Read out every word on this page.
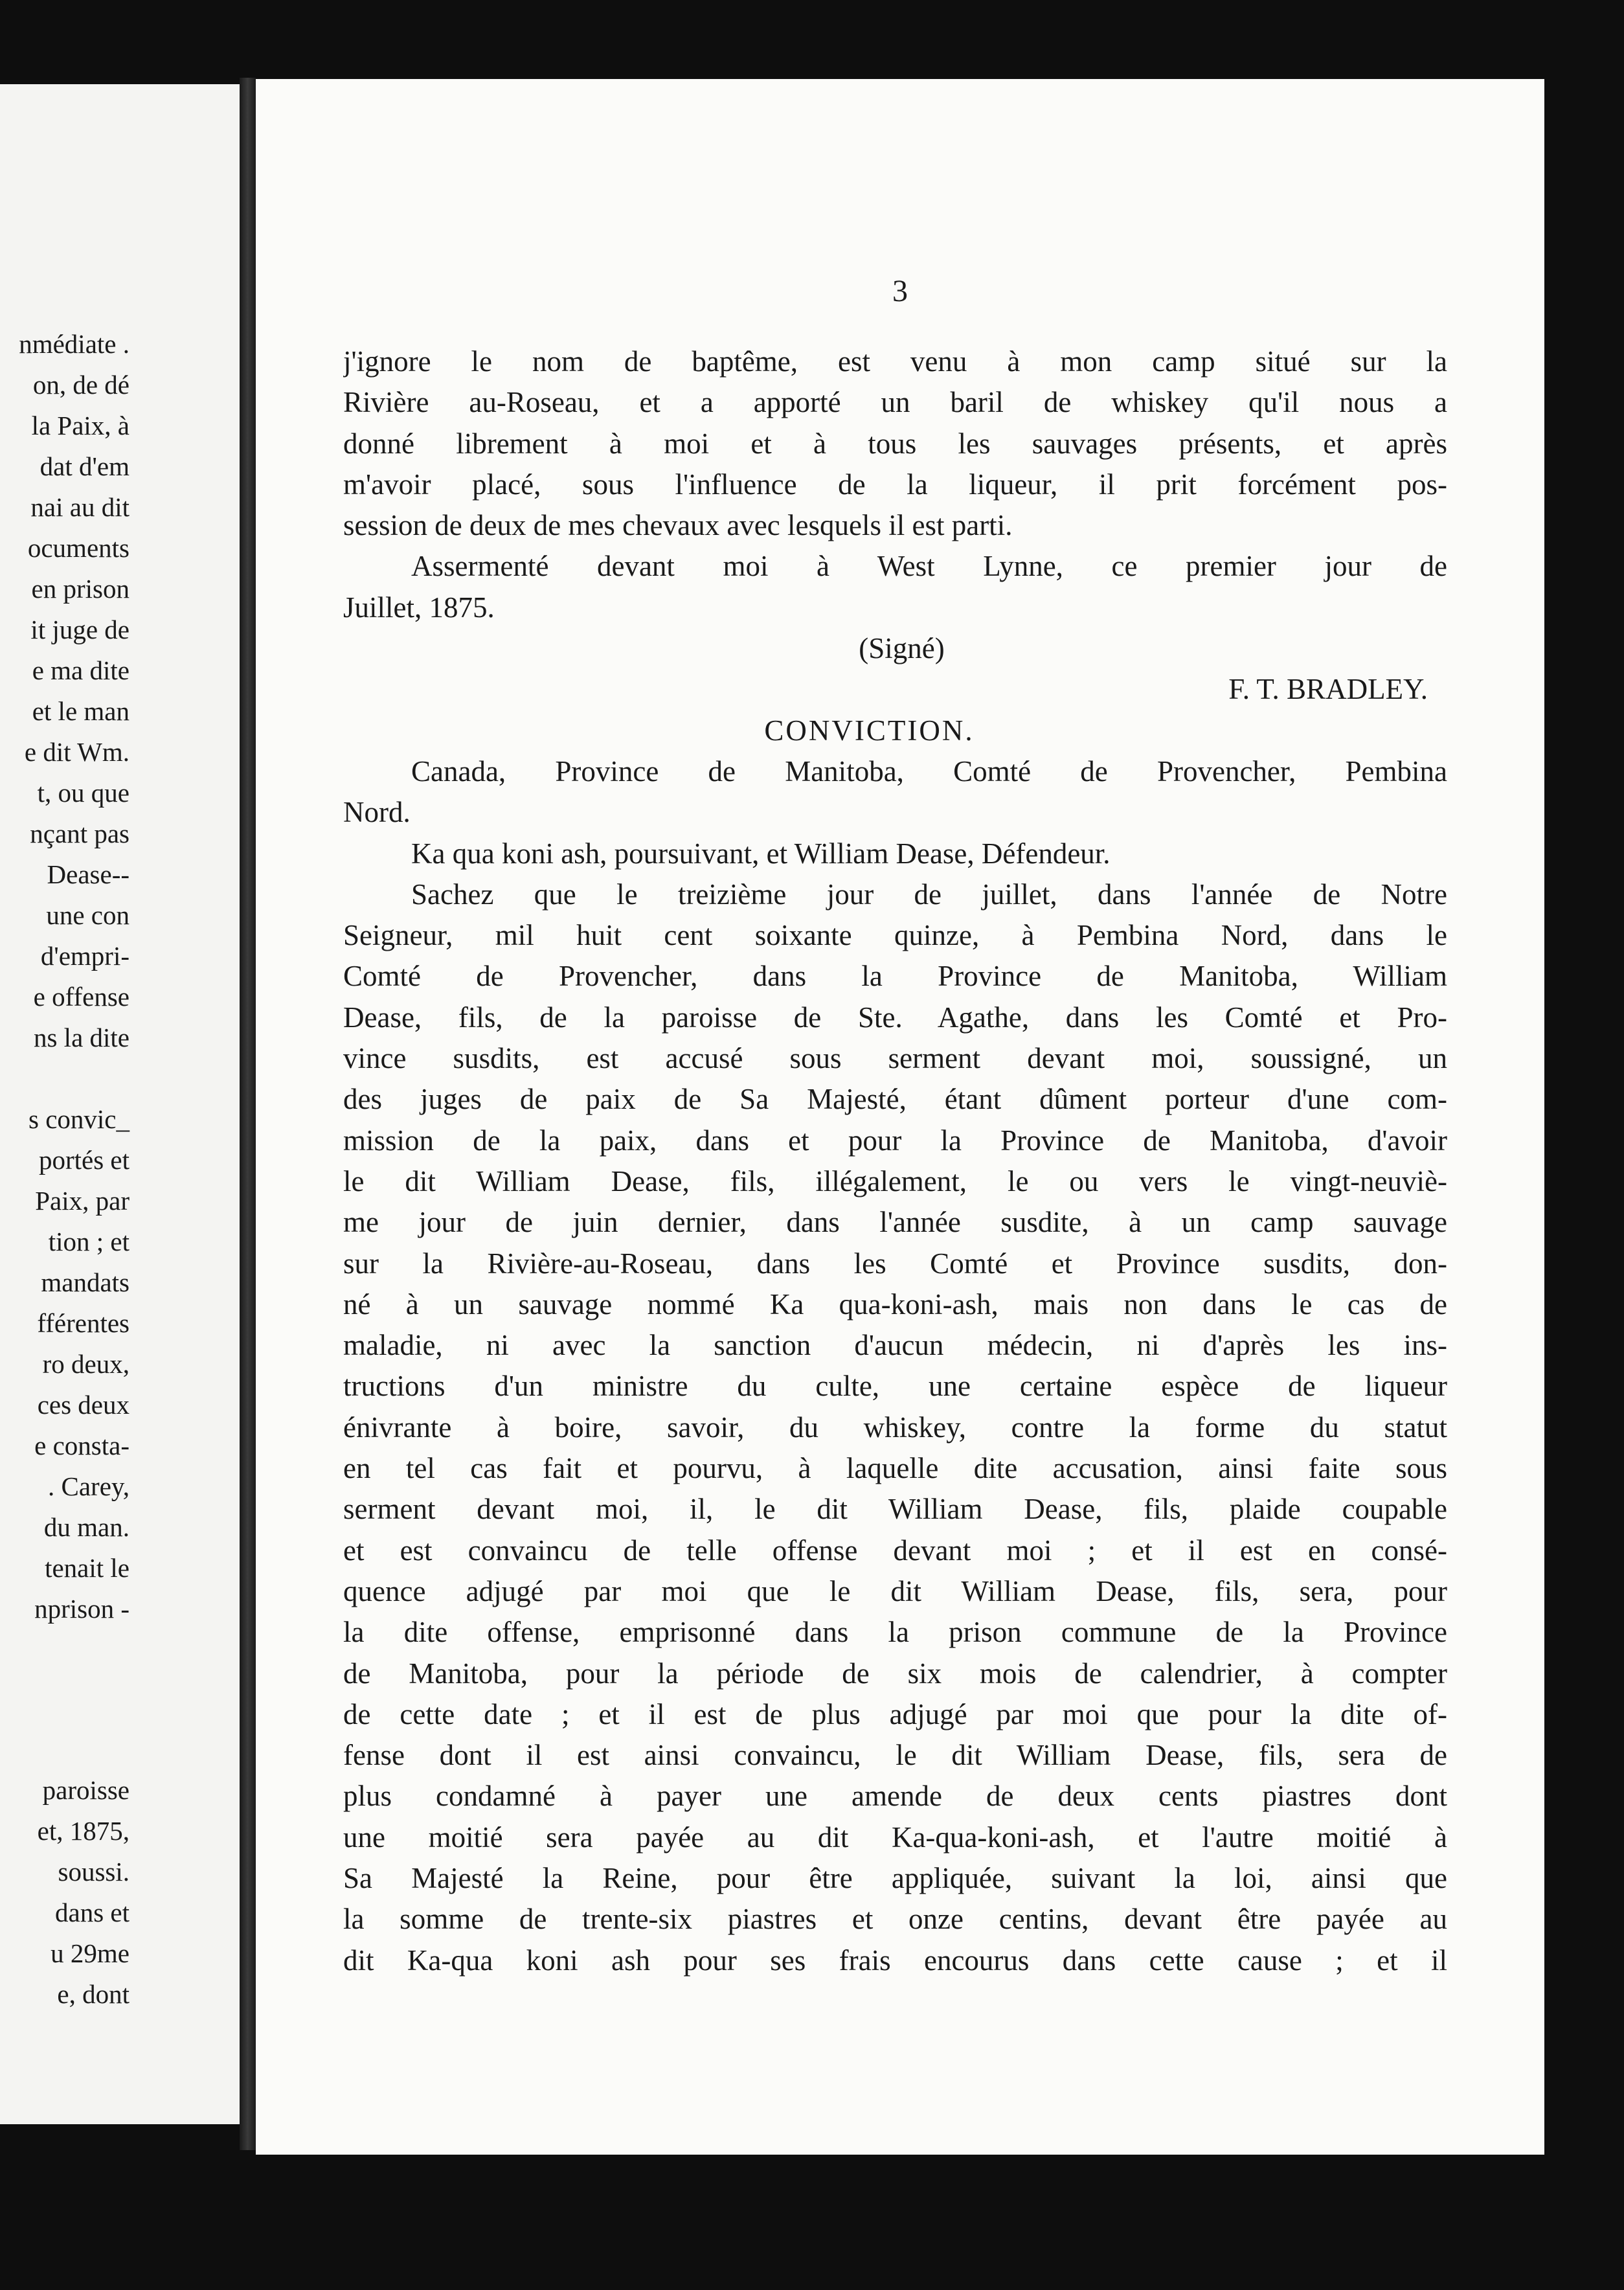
nmédiate .
on, de dé
la Paix, à
dat d'em
nai au dit
ocuments
en prison
it juge de
e ma dite
et le man
e dit Wm.
t, ou que
nçant pas
Dease--
une con
d'empri-
e offense
ns la dite
s convic_
portés et
Paix, par
tion ; et
mandats
fférentes
ro deux,
ces deux
e consta-
. Carey,
du man.
tenait le
nprison -
paroisse
et, 1875,
soussi.
dans et
u 29me
e, dont
3
j'ignore le nom de baptême, est venu à mon camp situé sur la
Rivière au-Roseau, et a apporté un baril de whiskey qu'il nous a
donné librement à moi et à tous les sauvages présents, et après
m'avoir placé, sous l'influence de la liqueur, il prit forcément pos-
session de deux de mes chevaux avec lesquels il est parti.
Assermenté devant moi à West Lynne, ce premier jour de
Juillet, 1875.
(Signé)
F. T. BRADLEY.
CONVICTION.
Canada, Province de Manitoba, Comté de Provencher, Pembina
Nord.
Ka qua koni ash, poursuivant, et William Dease, Défendeur.
Sachez que le treizième jour de juillet, dans l'année de Notre
Seigneur, mil huit cent soixante quinze, à Pembina Nord, dans le
Comté de Provencher, dans la Province de Manitoba, William
Dease, fils, de la paroisse de Ste. Agathe, dans les Comté et Pro-
vince susdits, est accusé sous serment devant moi, soussigné, un
des juges de paix de Sa Majesté, étant dûment porteur d'une com-
mission de la paix, dans et pour la Province de Manitoba, d'avoir
le dit William Dease, fils, illégalement, le ou vers le vingt-neuviè-
me jour de juin dernier, dans l'année susdite, à un camp sauvage
sur la Rivière-au-Roseau, dans les Comté et Province susdits, don-
né à un sauvage nommé Ka qua-koni-ash, mais non dans le cas de
maladie, ni avec la sanction d'aucun médecin, ni d'après les ins-
tructions d'un ministre du culte, une certaine espèce de liqueur
énivrante à boire, savoir, du whiskey, contre la forme du statut
en tel cas fait et pourvu, à laquelle dite accusation, ainsi faite sous
serment devant moi, il, le dit William Dease, fils, plaide coupable
et est convaincu de telle offense devant moi ; et il est en consé-
quence adjugé par moi que le dit William Dease, fils, sera, pour
la dite offense, emprisonné dans la prison commune de la Province
de Manitoba, pour la période de six mois de calendrier, à compter
de cette date ; et il est de plus adjugé par moi que pour la dite of-
fense dont il est ainsi convaincu, le dit William Dease, fils, sera de
plus condamné à payer une amende de deux cents piastres dont
une moitié sera payée au dit Ka-qua-koni-ash, et l'autre moitié à
Sa Majesté la Reine, pour être appliquée, suivant la loi, ainsi que
la somme de trente-six piastres et onze centins, devant être payée au
dit Ka-qua koni ash pour ses frais encourus dans cette cause ; et il
